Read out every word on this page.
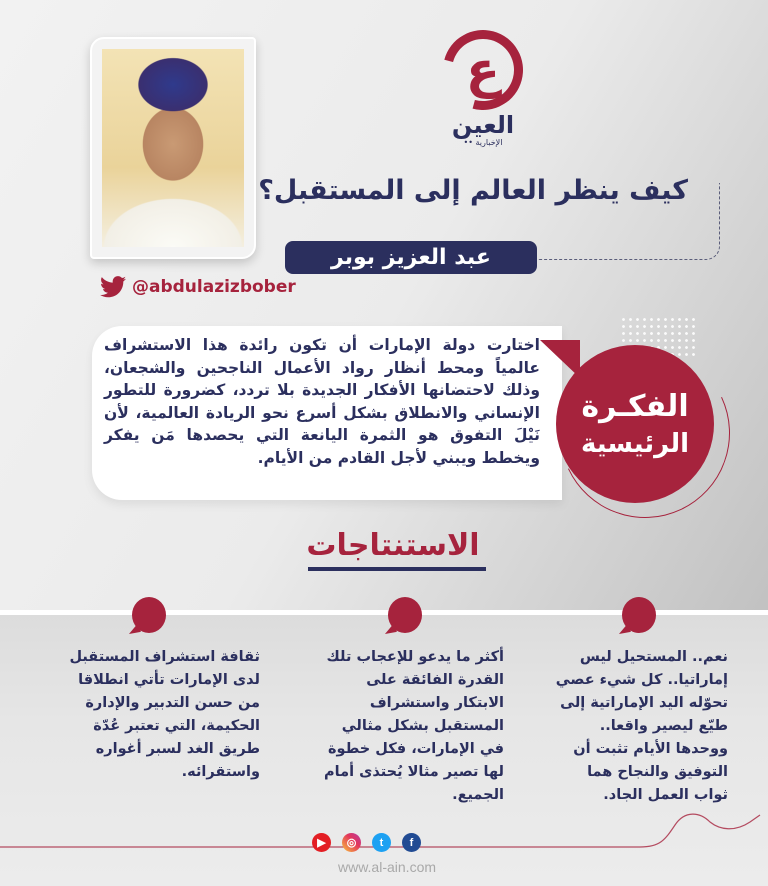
ع
العين
الإخبارية ••
@abdulazizbober
كيف ينظر العالم إلى المستقبل؟
عبد العزيز بوبر
اختارت دولة الإمارات أن تكون رائدة هذا الاستشراف عالمياً ومحط أنظار رواد الأعمال الناجحين والشجعان، وذلك لاحتضانها الأفكار الجديدة بلا تردد، كضرورة للتطور الإنساني والانطلاق بشكل أسرع نحو الريادة العالمية، لأن نَيْلَ التفوق هو الثمرة اليانعة التي يحصدها مَن يفكر ويخطط ويبني لأجل القادم من الأيام.
الفكـرة
الرئيسية
الاستنتاجات
نعم.. المستحيل ليس إماراتيا.. كل شيء عصي تحوّله اليد الإماراتية إلى طيّع ليصير واقعا.. ووحدها الأيام تثبت أن التوفيق والنجاح هما ثواب العمل الجاد.
أكثر ما يدعو للإعجاب تلك القدرة الفائقة على الابتكار واستشراف المستقبل بشكل مثالي في الإمارات، فكل خطوة لها تصير مثالا يُحتذى أمام الجميع.
ثقافة استشراف المستقبل لدى الإمارات تأتي انطلاقا من حسن التدبير والإدارة الحكيمة، التي تعتبر عُدّة طريق الغد لسبر أغواره واستقرائه.
▶	◎	t	f
www.al-ain.com
